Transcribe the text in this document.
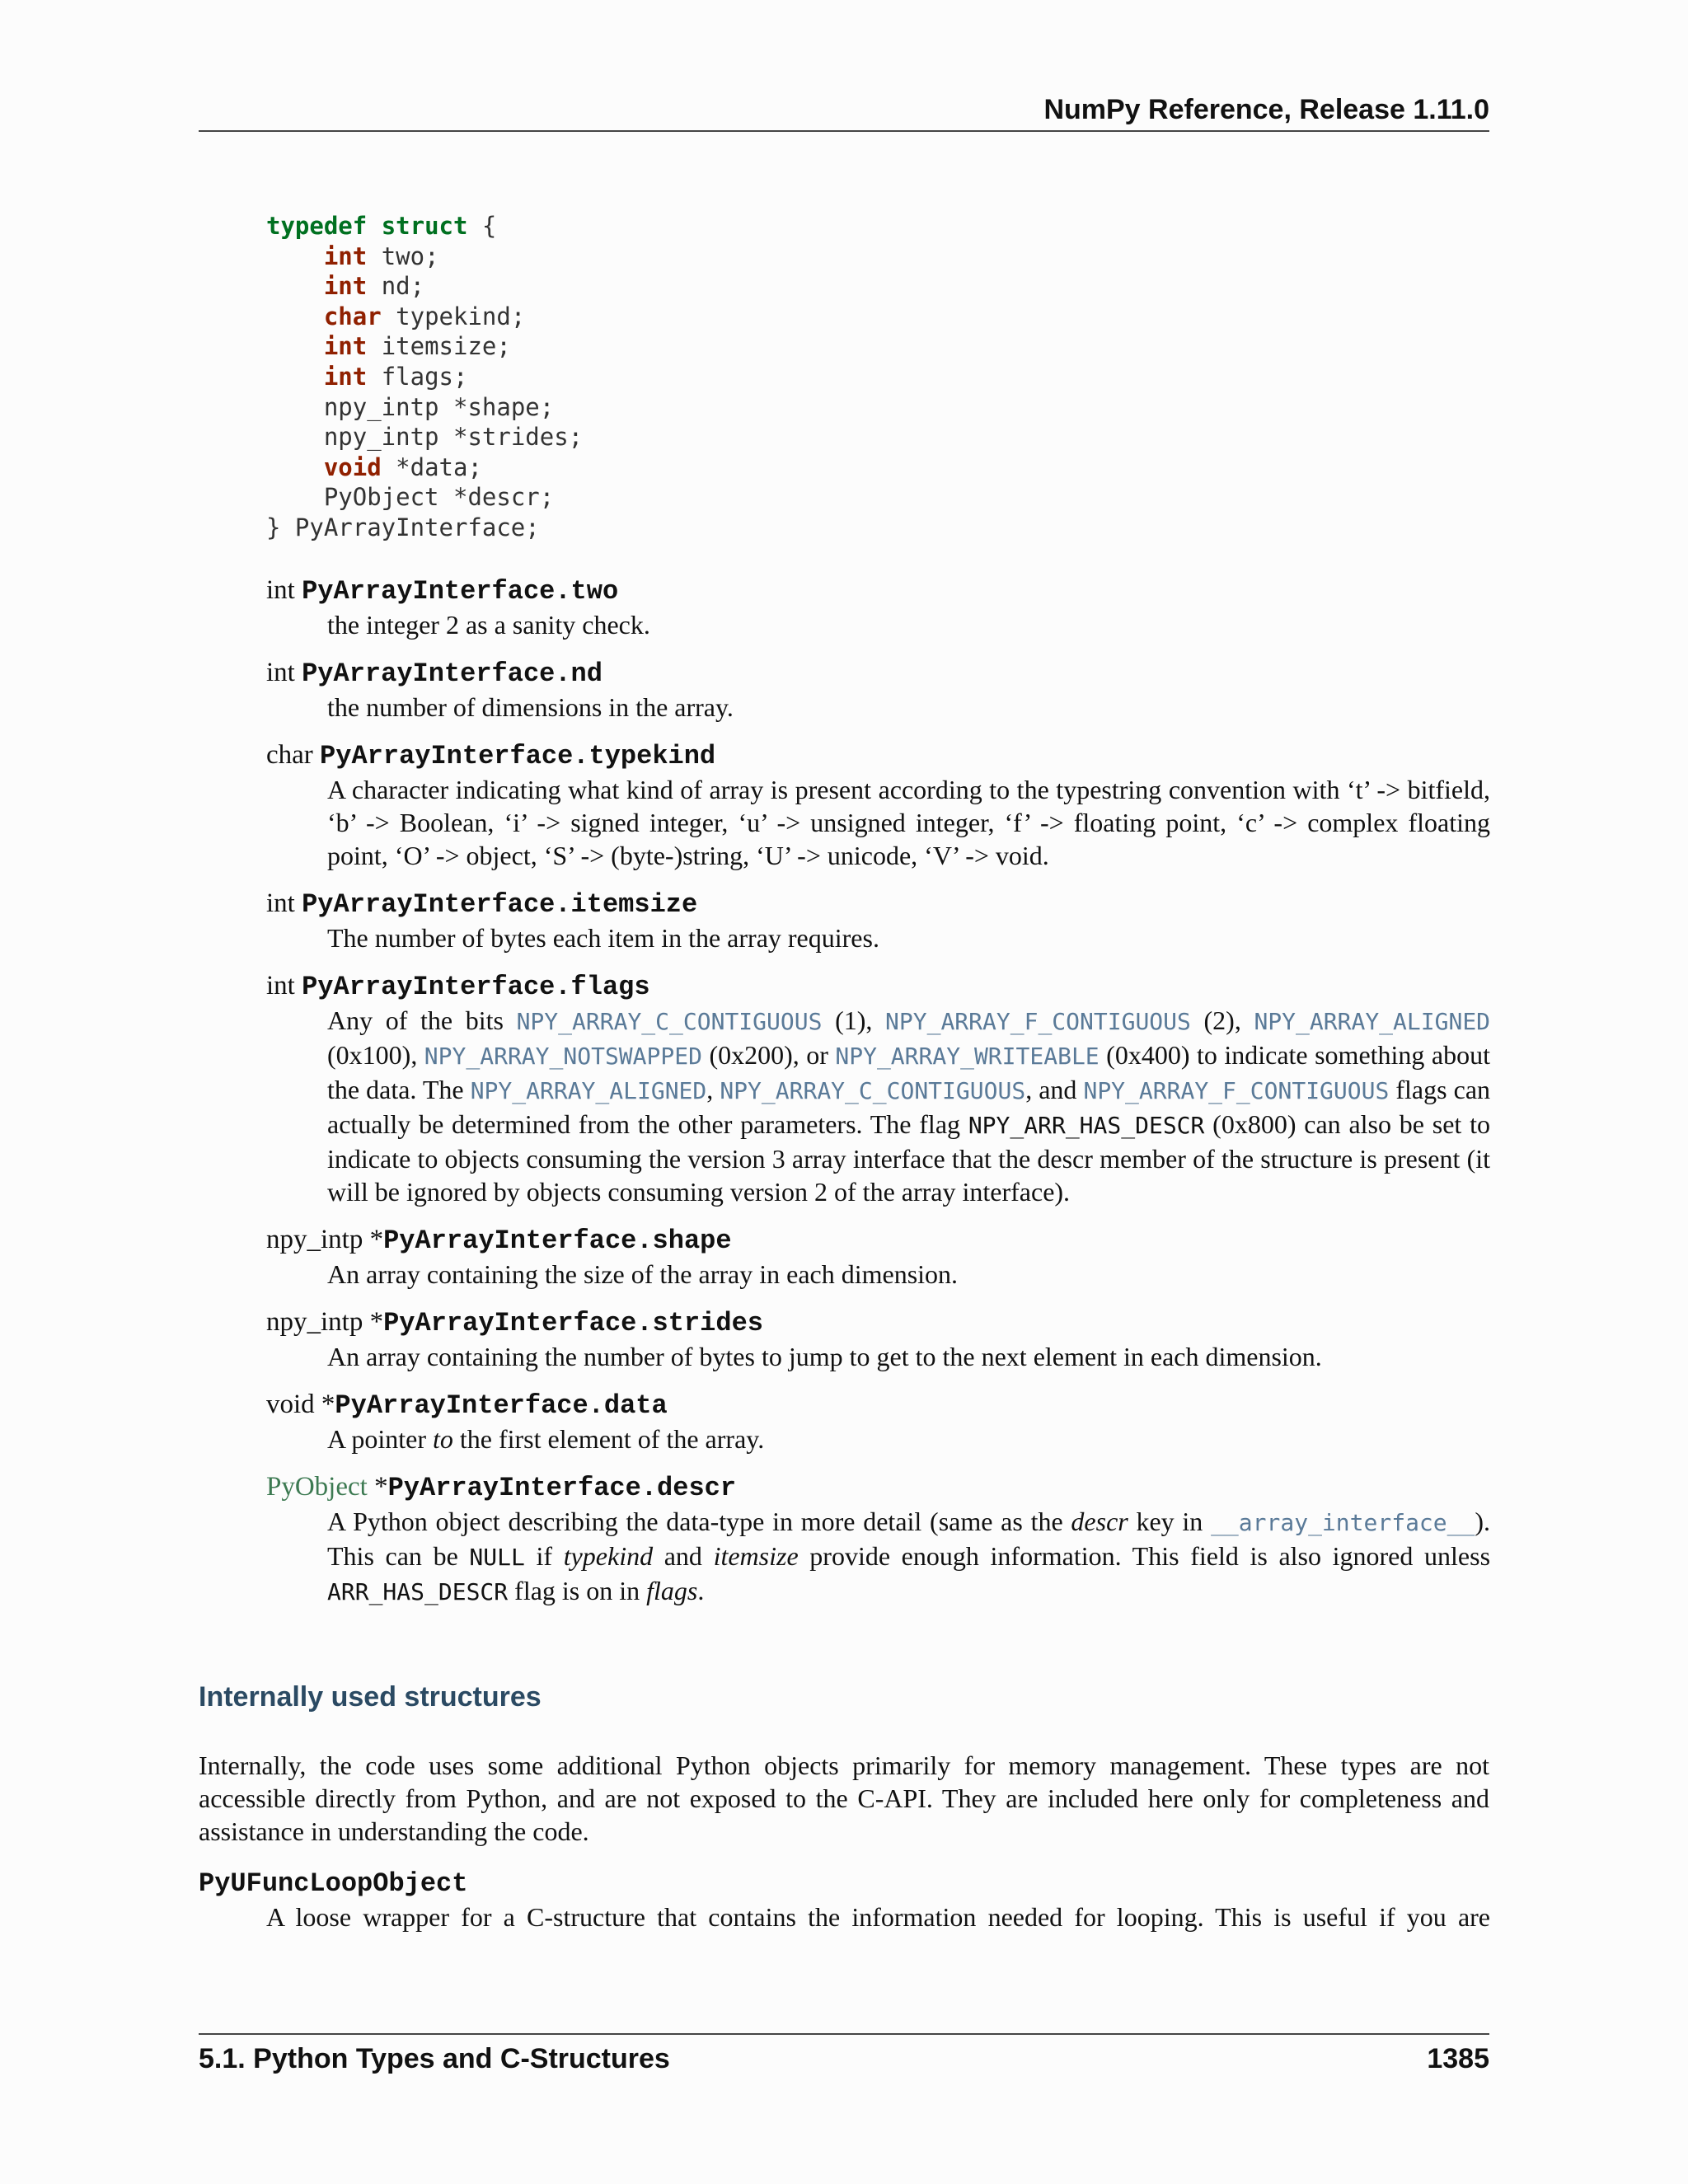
NumPy Reference, Release 1.11.0
typedef struct {
int two;
int nd;
char typekind;
int itemsize;
int flags;
npy_intp *shape;
npy_intp *strides;
void *data;
PyObject *descr;
} PyArrayInterface;
int PyArrayInterface.two
the integer 2 as a sanity check.
int PyArrayInterface.nd
the number of dimensions in the array.
char PyArrayInterface.typekind
A character indicating what kind of array is present according to the typestring convention with ‘t’ -> bitfield, ‘b’ -> Boolean, ‘i’ -> signed integer, ‘u’ -> unsigned integer, ‘f’ -> floating point, ‘c’ -> complex floating point, ‘O’ -> object, ‘S’ -> (byte-)string, ‘U’ -> unicode, ‘V’ -> void.
int PyArrayInterface.itemsize
The number of bytes each item in the array requires.
int PyArrayInterface.flags
Any of the bits NPY_ARRAY_C_CONTIGUOUS (1), NPY_ARRAY_F_CONTIGUOUS (2), NPY_ARRAY_ALIGNED (0x100), NPY_ARRAY_NOTSWAPPED (0x200), or NPY_ARRAY_WRITEABLE (0x400) to indicate something about the data. The NPY_ARRAY_ALIGNED, NPY_ARRAY_C_CONTIGUOUS, and NPY_ARRAY_F_CONTIGUOUS flags can actually be determined from the other parameters. The flag NPY_ARR_HAS_DESCR (0x800) can also be set to indicate to objects consuming the version 3 array interface that the descr member of the structure is present (it will be ignored by objects consuming version 2 of the array interface).
npy_intp *PyArrayInterface.shape
An array containing the size of the array in each dimension.
npy_intp *PyArrayInterface.strides
An array containing the number of bytes to jump to get to the next element in each dimension.
void *PyArrayInterface.data
A pointer to the first element of the array.
PyObject *PyArrayInterface.descr
A Python object describing the data-type in more detail (same as the descr key in __array_interface__). This can be NULL if typekind and itemsize provide enough information. This field is also ignored unless ARR_HAS_DESCR flag is on in flags.
Internally used structures

Internally, the code uses some additional Python objects primarily for memory management. These types are not accessible directly from Python, and are not exposed to the C-API. They are included here only for completeness and assistance in understanding the code.

PyUFuncLoopObject

A loose wrapper for a C-structure that contains the information needed for looping. This is useful if you are

5.1. Python Types and C-Structures	1385
